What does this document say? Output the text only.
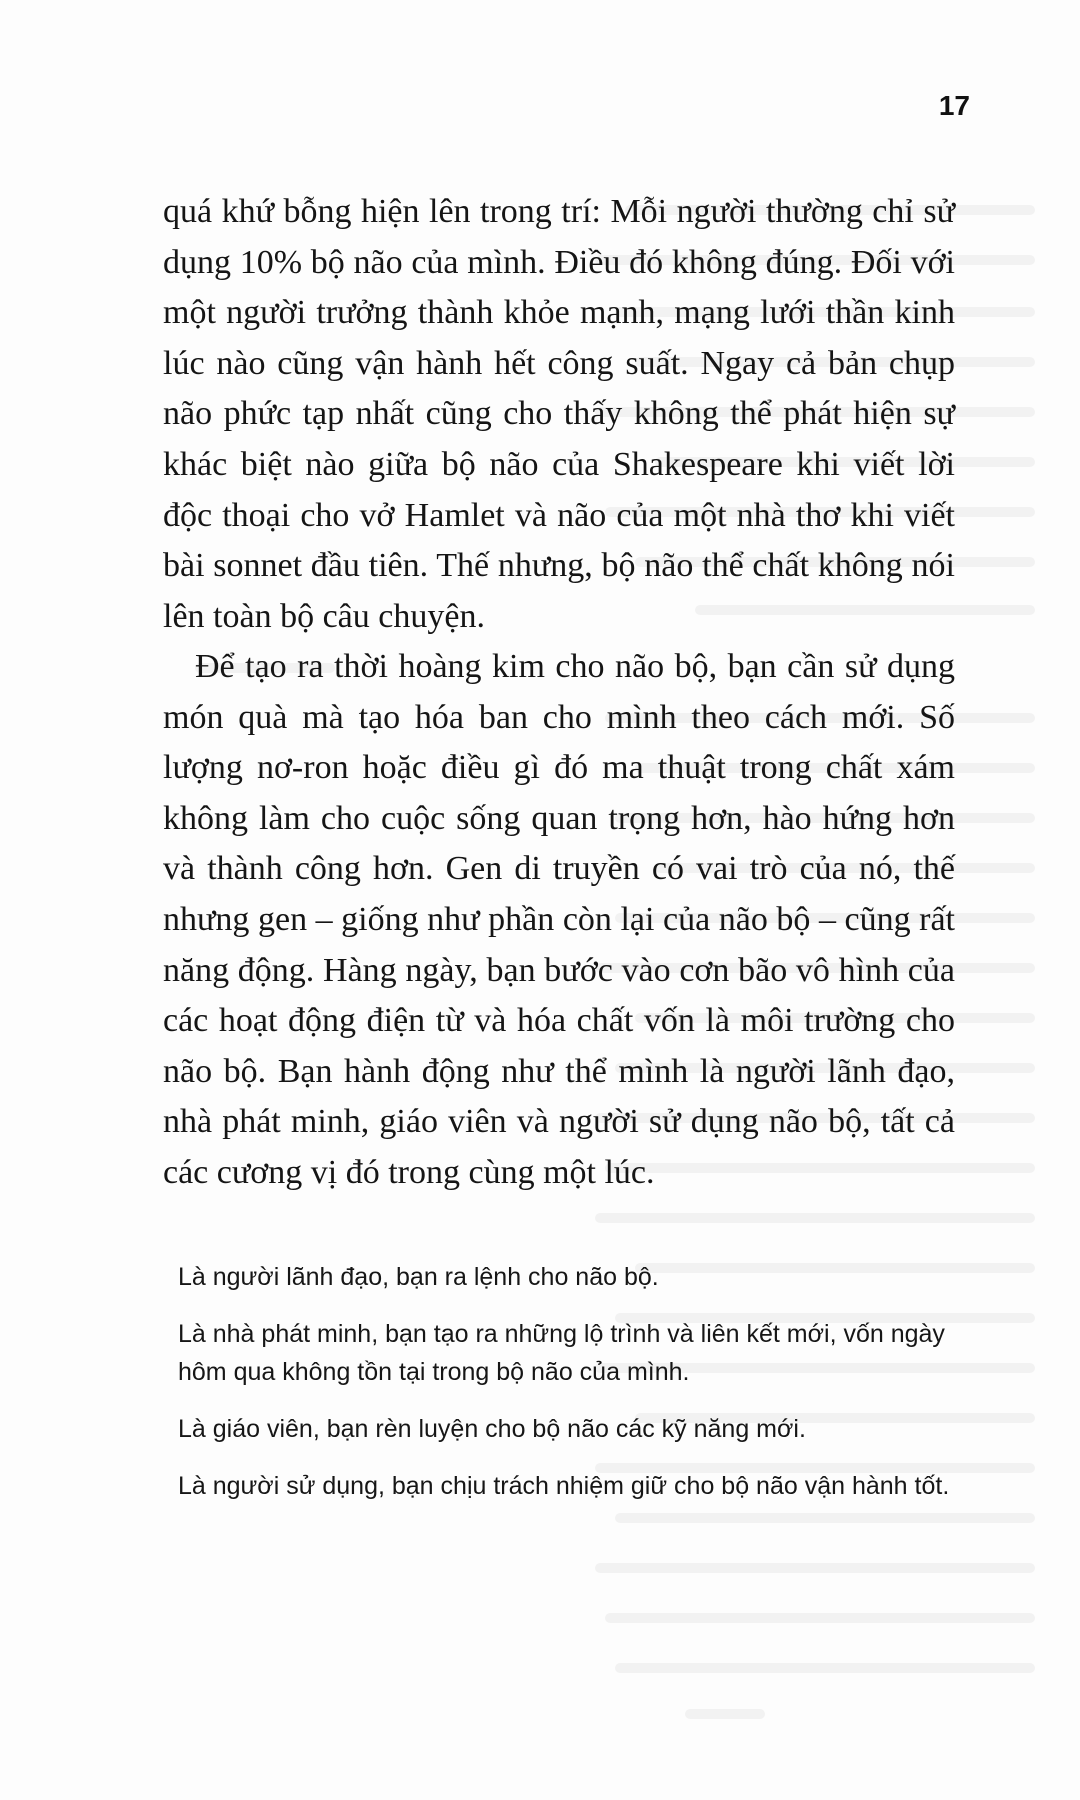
17

quá khứ bỗng hiện lên trong trí: Mỗi người thường chỉ sử dụng 10% bộ não của mình. Điều đó không đúng. Đối với một người trưởng thành khỏe mạnh, mạng lưới thần kinh lúc nào cũng vận hành hết công suất. Ngay cả bản chụp não phức tạp nhất cũng cho thấy không thể phát hiện sự khác biệt nào giữa bộ não của Shakespeare khi viết lời độc thoại cho vở Hamlet và não của một nhà thơ khi viết bài sonnet đầu tiên. Thế nhưng, bộ não thể chất không nói lên toàn bộ câu chuyện.

Để tạo ra thời hoàng kim cho não bộ, bạn cần sử dụng món quà mà tạo hóa ban cho mình theo cách mới. Số lượng nơ-ron hoặc điều gì đó ma thuật trong chất xám không làm cho cuộc sống quan trọng hơn, hào hứng hơn và thành công hơn. Gen di truyền có vai trò của nó, thế nhưng gen – giống như phần còn lại của não bộ – cũng rất năng động. Hàng ngày, bạn bước vào cơn bão vô hình của các hoạt động điện từ và hóa chất vốn là môi trường cho não bộ. Bạn hành động như thể mình là người lãnh đạo, nhà phát minh, giáo viên và người sử dụng não bộ, tất cả các cương vị đó trong cùng một lúc.

Là người lãnh đạo, bạn ra lệnh cho não bộ.

Là nhà phát minh, bạn tạo ra những lộ trình và liên kết mới, vốn ngày hôm qua không tồn tại trong bộ não của mình.

Là giáo viên, bạn rèn luyện cho bộ não các kỹ năng mới.

Là người sử dụng, bạn chịu trách nhiệm giữ cho bộ não vận hành tốt.
